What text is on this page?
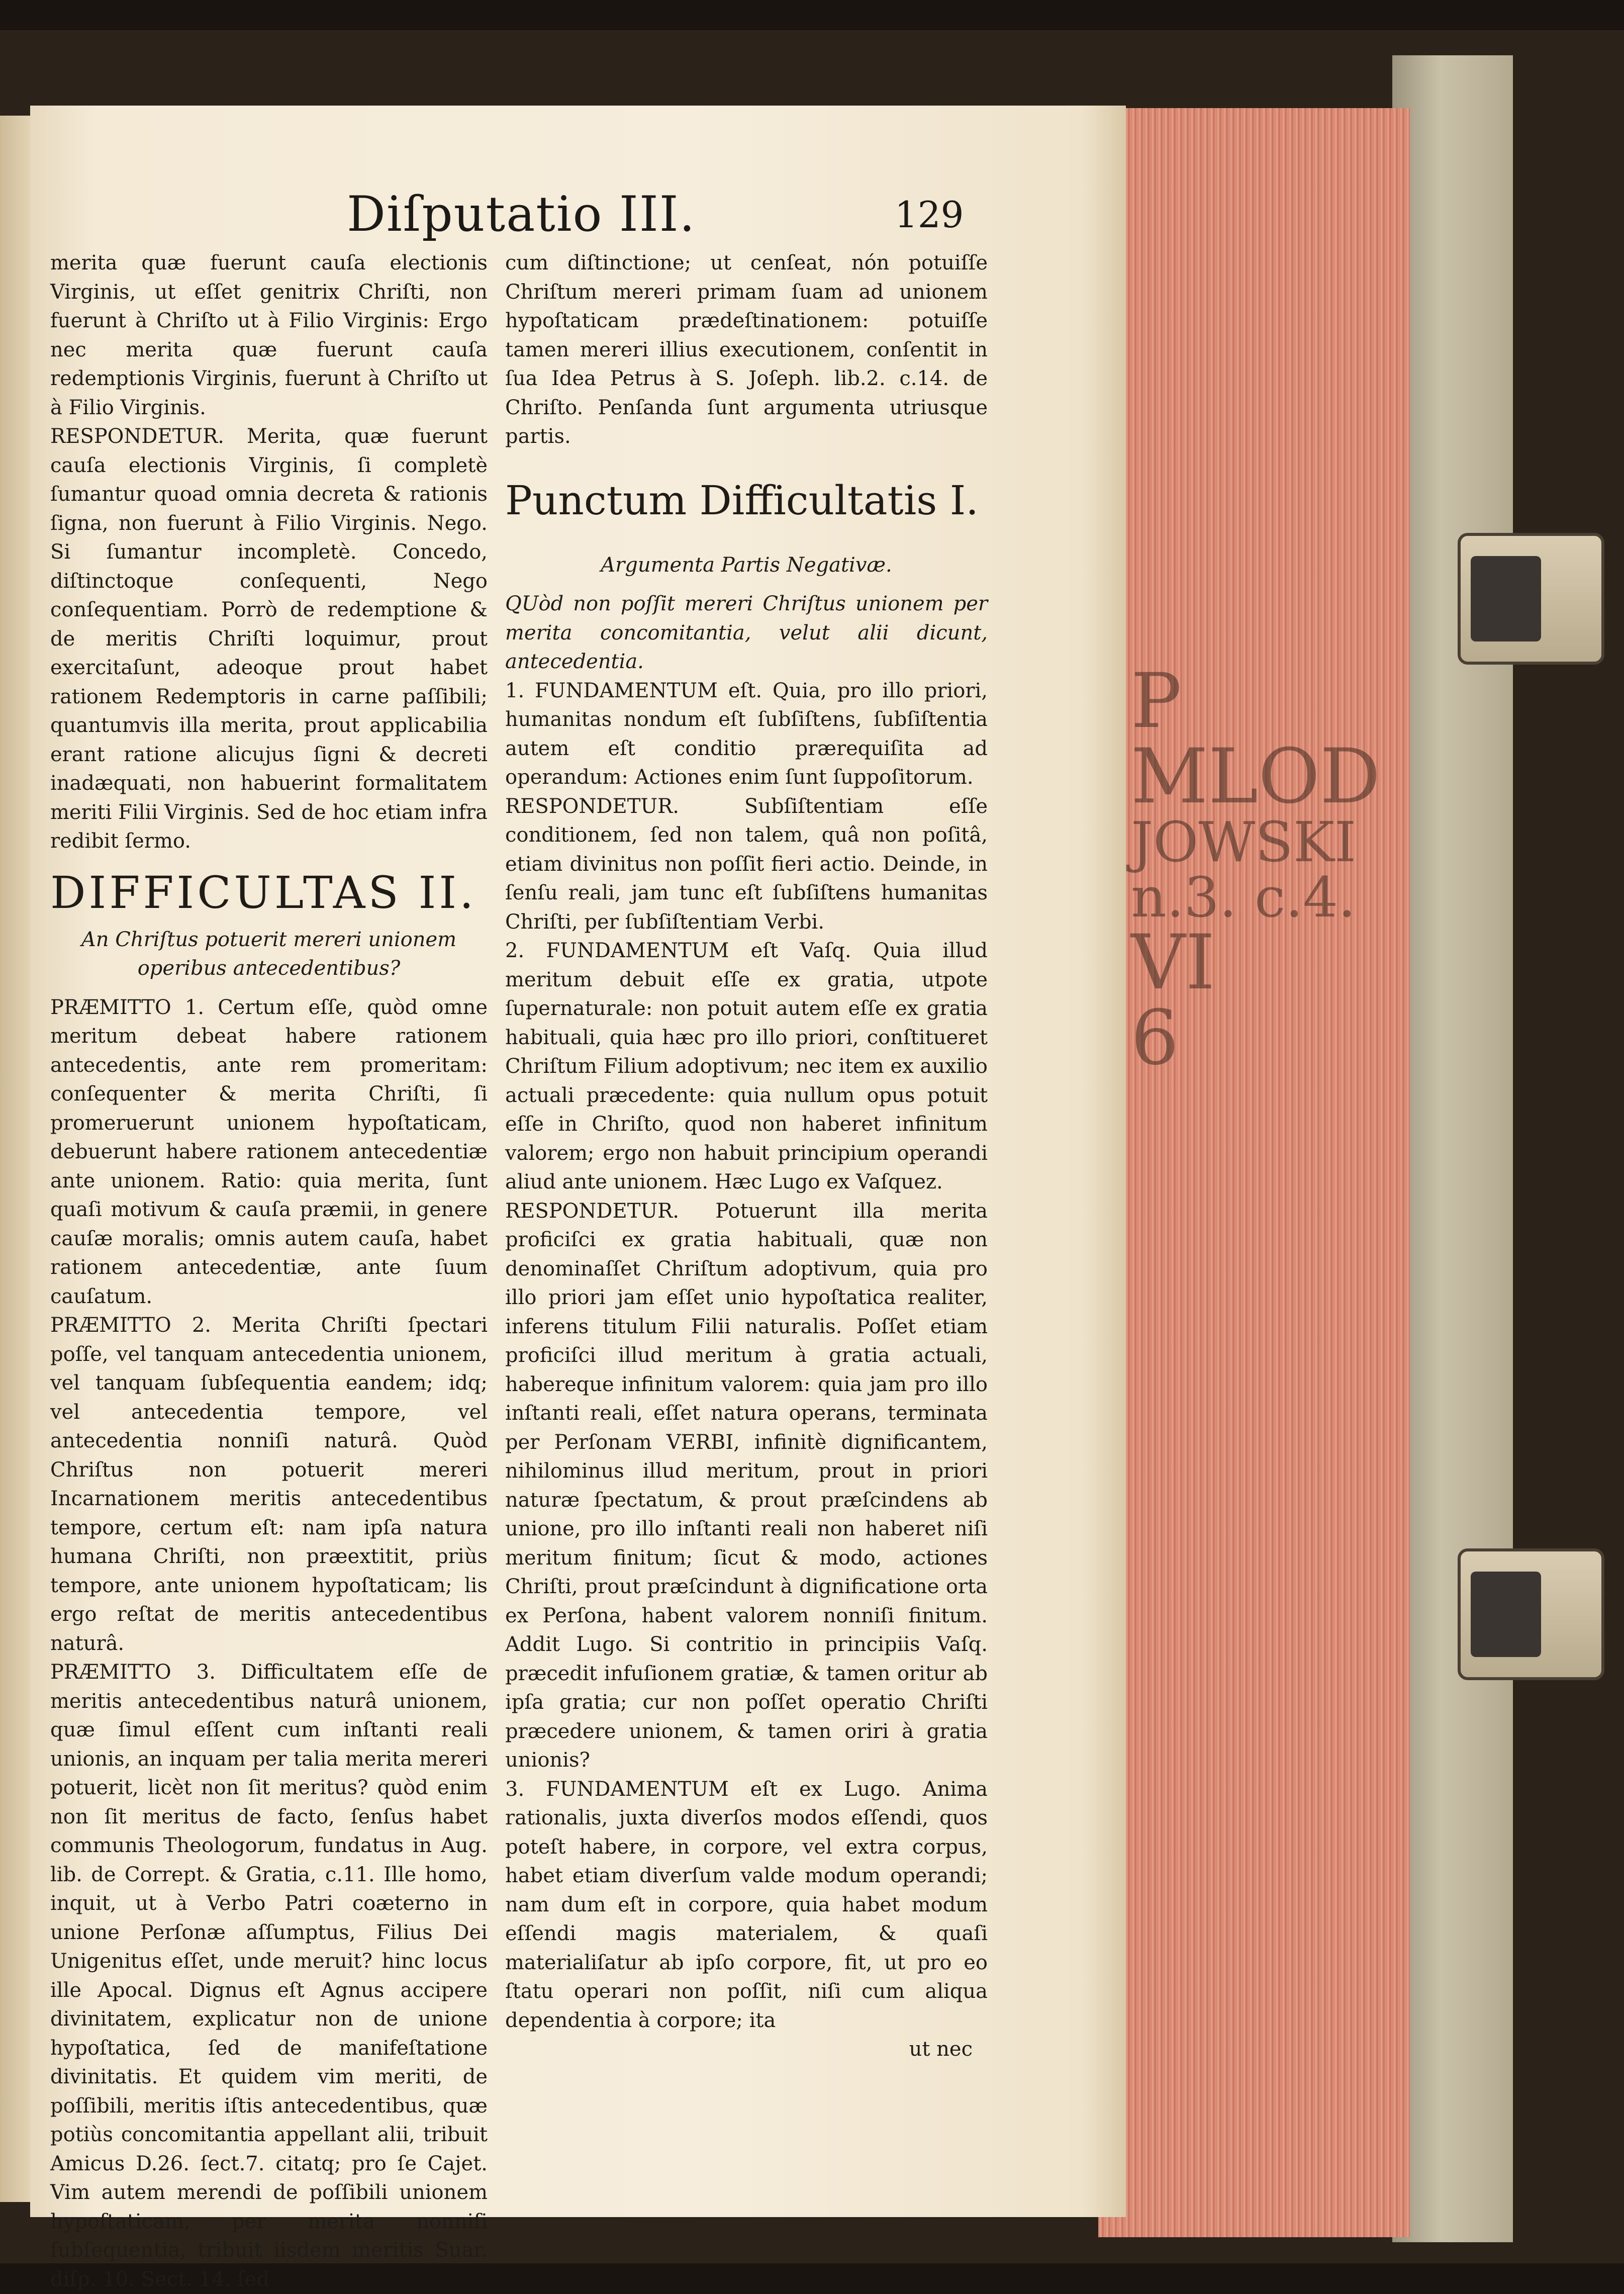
P
MLOD
JOWSKI
n.3. c.4.
VI
6
Diſputatio III.	129

merita quæ fuerunt cauſa electionis Virginis, ut eſſet genitrix Chriſti, non fuerunt à Chriſto ut à Filio Virginis: Ergo nec merita quæ fuerunt cauſa redemptionis Virginis, fuerunt à Chriſto ut à Filio Virginis.

RESPONDETUR. Merita, quæ fuerunt cauſa electionis Virginis, ſi completè ſumantur quoad omnia decreta & rationis ſigna, non fuerunt à Filio Virginis. Nego. Si ſumantur incompletè. Concedo, diſtinctoque conſequenti, Nego conſequentiam. Porrò de redemptione & de meritis Chriſti loquimur, prout exercitaſunt, adeoque prout habet rationem Redemptoris in carne paſſibili; quantumvis illa merita, prout applicabilia erant ratione alicujus ſigni & decreti inadæquati, non habuerint formalitatem meriti Filii Virginis. Sed de hoc etiam infra redibit ſermo.

DIFFICULTAS II.

An Chriſtus potuerit mereri unionem operibus antecedentibus?

PRÆMITTO 1. Certum eſſe, quòd omne meritum debeat habere rationem antecedentis, ante rem promeritam: conſequenter & merita Chriſti, ſi promeruerunt unionem hypoſtaticam, debuerunt habere rationem antecedentiæ ante unionem. Ratio: quia merita, ſunt quaſi motivum & cauſa præmii, in genere cauſæ moralis; omnis autem cauſa, habet rationem antecedentiæ, ante ſuum cauſatum.

PRÆMITTO 2. Merita Chriſti ſpectari poſſe, vel tanquam antecedentia unionem, vel tanquam ſubſequentia eandem; idq; vel antecedentia tempore, vel antecedentia nonniſi naturâ. Quòd Chriſtus non potuerit mereri Incarnationem meritis antecedentibus tempore, certum eſt: nam ipſa natura humana Chriſti, non præextitit, priùs tempore, ante unionem hypoſtaticam; lis ergo reſtat de meritis antecedentibus naturâ.

PRÆMITTO 3. Difficultatem eſſe de meritis antecedentibus naturâ unionem, quæ ſimul eſſent cum inſtanti reali unionis, an inquam per talia merita mereri potuerit, licèt non ſit meritus? quòd enim non ſit meritus de facto, ſenſus habet communis Theologorum, fundatus in Aug. lib. de Corrept. & Gratia, c.11. Ille homo, inquit, ut à Verbo Patri coæterno in unione Perſonæ aſſumptus, Filius Dei Unigenitus eſſet, unde meruit? hinc locus ille Apocal. Dignus eſt Agnus accipere divinitatem, explicatur non de unione hypoſtatica, ſed de manifeſtatione divinitatis. Et quidem vim meriti, de poſſibili, meritis iſtis antecedentibus, quæ potiùs concomitantia appellant alii, tribuit Amicus D.26. ſect.7. citatq; pro ſe Cajet. Vim autem merendi de poſſibili unionem hypoſtaticam, per merita nonniſi ſubſequentia, tribuit iisdem meritis Suar. diſp. 10. Sect. 14. ſed

cum diſtinctione; ut cenſeat, nón potuiſſe Chriſtum mereri primam ſuam ad unionem hypoſtaticam prædeſtinationem: potuiſſe tamen mereri illius executionem, conſentit in ſua Idea Petrus à S. Joſeph. lib.2. c.14. de Chriſto. Penſanda ſunt argumenta utriusque partis.

Punctum Difficultatis I.

Argumenta Partis Negativæ.

QUòd non poſſit mereri Chriſtus unionem per merita concomitantia, velut alii dicunt, antecedentia.

1. FUNDAMENTUM eſt. Quia, pro illo priori, humanitas nondum eſt ſubſiſtens, ſubſiſtentia autem eſt conditio prærequiſita ad operandum: Actiones enim ſunt ſuppoſitorum.

RESPONDETUR. Subſiſtentiam eſſe conditionem, ſed non talem, quâ non poſitâ, etiam divinitus non poſſit fieri actio. Deinde, in ſenſu reali, jam tunc eſt ſubſiſtens humanitas Chriſti, per ſubſiſtentiam Verbi.

2. FUNDAMENTUM eſt Vaſq. Quia illud meritum debuit eſſe ex gratia, utpote ſupernaturale: non potuit autem eſſe ex gratia habituali, quia hæc pro illo priori, conſtitueret Chriſtum Filium adoptivum; nec item ex auxilio actuali præcedente: quia nullum opus potuit eſſe in Chriſto, quod non haberet infinitum valorem; ergo non habuit principium operandi aliud ante unionem. Hæc Lugo ex Vaſquez.

RESPONDETUR. Potuerunt illa merita proficiſci ex gratia habituali, quæ non denominaſſet Chriſtum adoptivum, quia pro illo priori jam eſſet unio hypoſtatica realiter, inferens titulum Filii naturalis. Poſſet etiam proficiſci illud meritum à gratia actuali, habereque infinitum valorem: quia jam pro illo inſtanti reali, eſſet natura operans, terminata per Perſonam VERBI, infinitè dignificantem, nihilominus illud meritum, prout in priori naturæ ſpectatum, & prout præſcindens ab unione, pro illo inſtanti reali non haberet niſi meritum finitum; ſicut & modo, actiones Chriſti, prout præſcindunt à dignificatione orta ex Perſona, habent valorem nonniſi finitum. Addit Lugo. Si contritio in principiis Vaſq. præcedit infuſionem gratiæ, & tamen oritur ab ipſa gratia; cur non poſſet operatio Chriſti præcedere unionem, & tamen oriri à gratia unionis?

3. FUNDAMENTUM eſt ex Lugo. Anima rationalis, juxta diverſos modos eſſendi, quos poteſt habere, in corpore, vel extra corpus, habet etiam diverſum valde modum operandi; nam dum eſt in corpore, quia habet modum eſſendi magis materialem, & quaſi materialiſatur ab ipſo corpore, fit, ut pro eo ſtatu operari non poſſit, niſi cum aliqua dependentia à corpore; ita

ut nec
